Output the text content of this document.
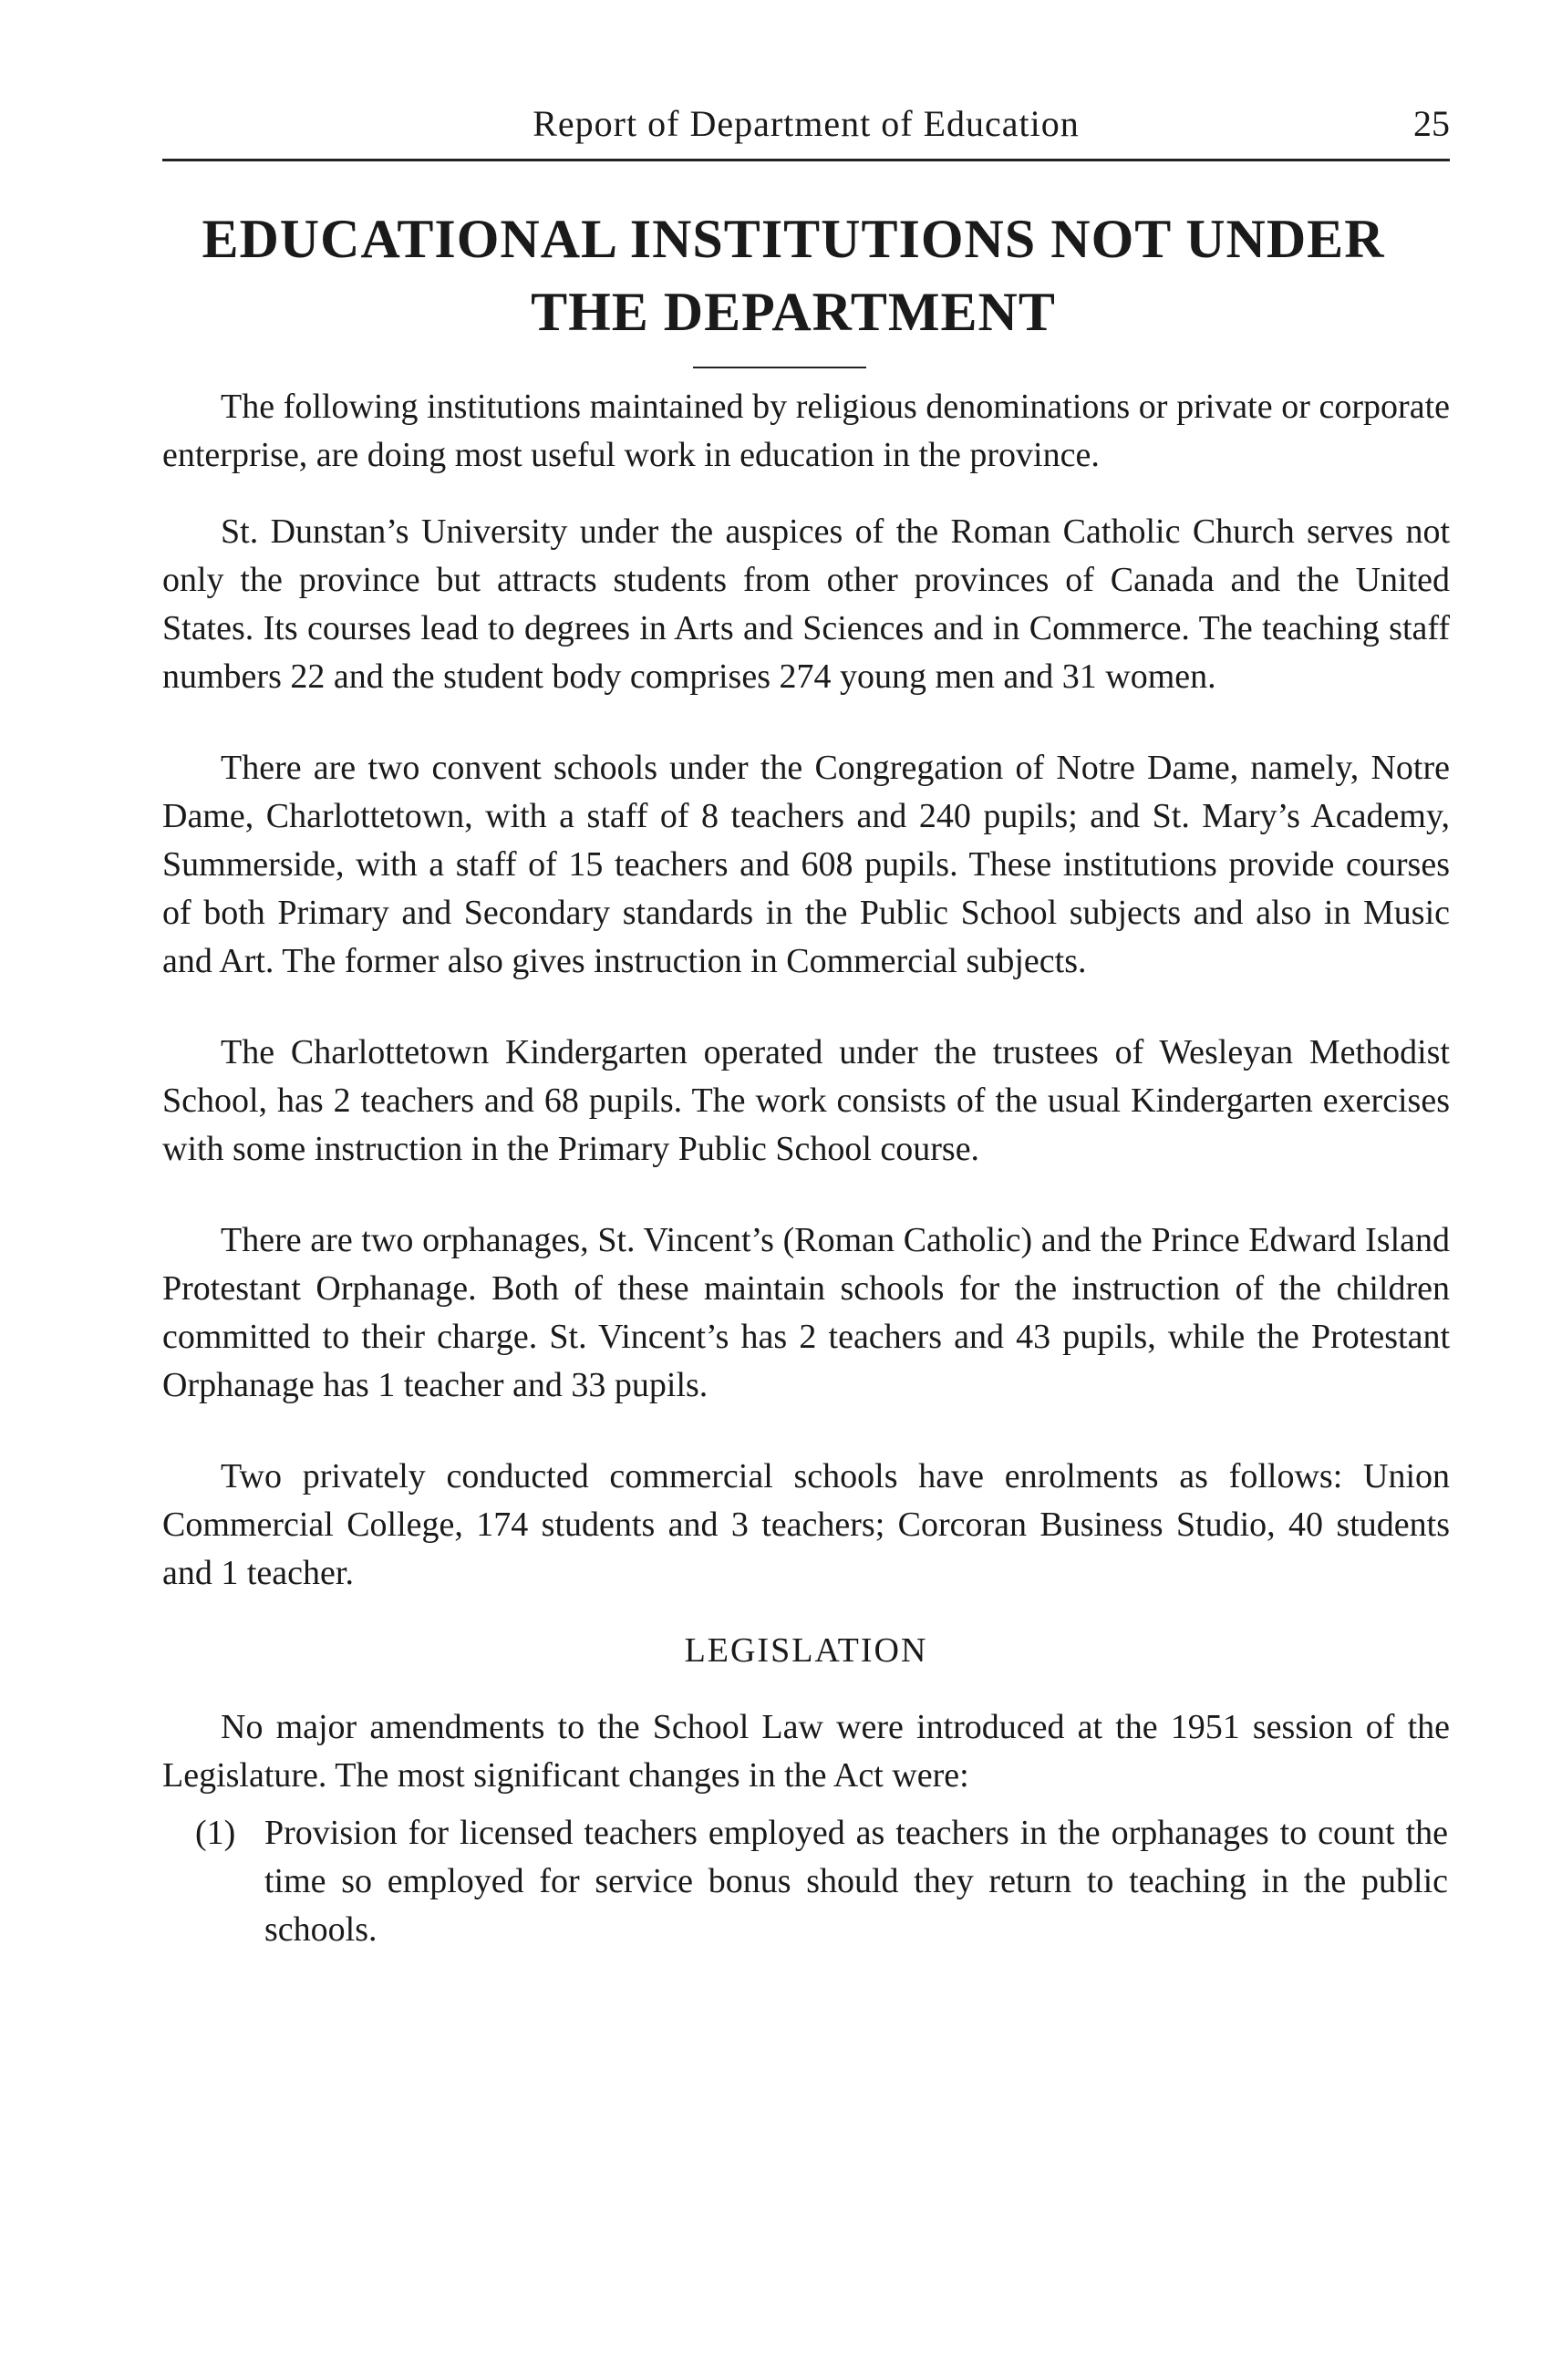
Report of Department of Education	25
EDUCATIONAL INSTITUTIONS NOT UNDER
THE DEPARTMENT

The following institutions maintained by religious denominations or private or corporate enterprise, are doing most useful work in education in the province.

St. Dunstan’s University under the auspices of the Roman Catholic Church serves not only the province but attracts students from other provinces of Canada and the United States. Its courses lead to degrees in Arts and Sciences and in Commerce. The teaching staff numbers 22 and the student body comprises 274 young men and 31 women.

There are two convent schools under the Congregation of Notre Dame, namely, Notre Dame, Charlottetown, with a staff of 8 teachers and 240 pupils; and St. Mary’s Academy, Summerside, with a staff of 15 teachers and 608 pupils. These institutions provide courses of both Primary and Secondary standards in the Public School subjects and also in Music and Art. The former also gives instruction in Commercial subjects.

The Charlottetown Kindergarten operated under the trustees of Wesleyan Methodist School, has 2 teachers and 68 pupils. The work consists of the usual Kindergarten exercises with some instruction in the Primary Public School course.

There are two orphanages, St. Vincent’s (Roman Catholic) and the Prince Edward Island Protestant Orphanage. Both of these maintain schools for the instruction of the children committed to their charge. St. Vincent’s has 2 teachers and 43 pupils, while the Protestant Orphanage has 1 teacher and 33 pupils.

Two privately conducted commercial schools have enrolments as follows: Union Commercial College, 174 students and 3 teachers; Corcoran Business Studio, 40 students and 1 teacher.

LEGISLATION

No major amendments to the School Law were introduced at the 1951 session of the Legislature. The most significant changes in the Act were:

(1) Provision for licensed teachers employed as teachers in the orphanages to count the time so employed for service bonus should they return to teaching in the public schools.
